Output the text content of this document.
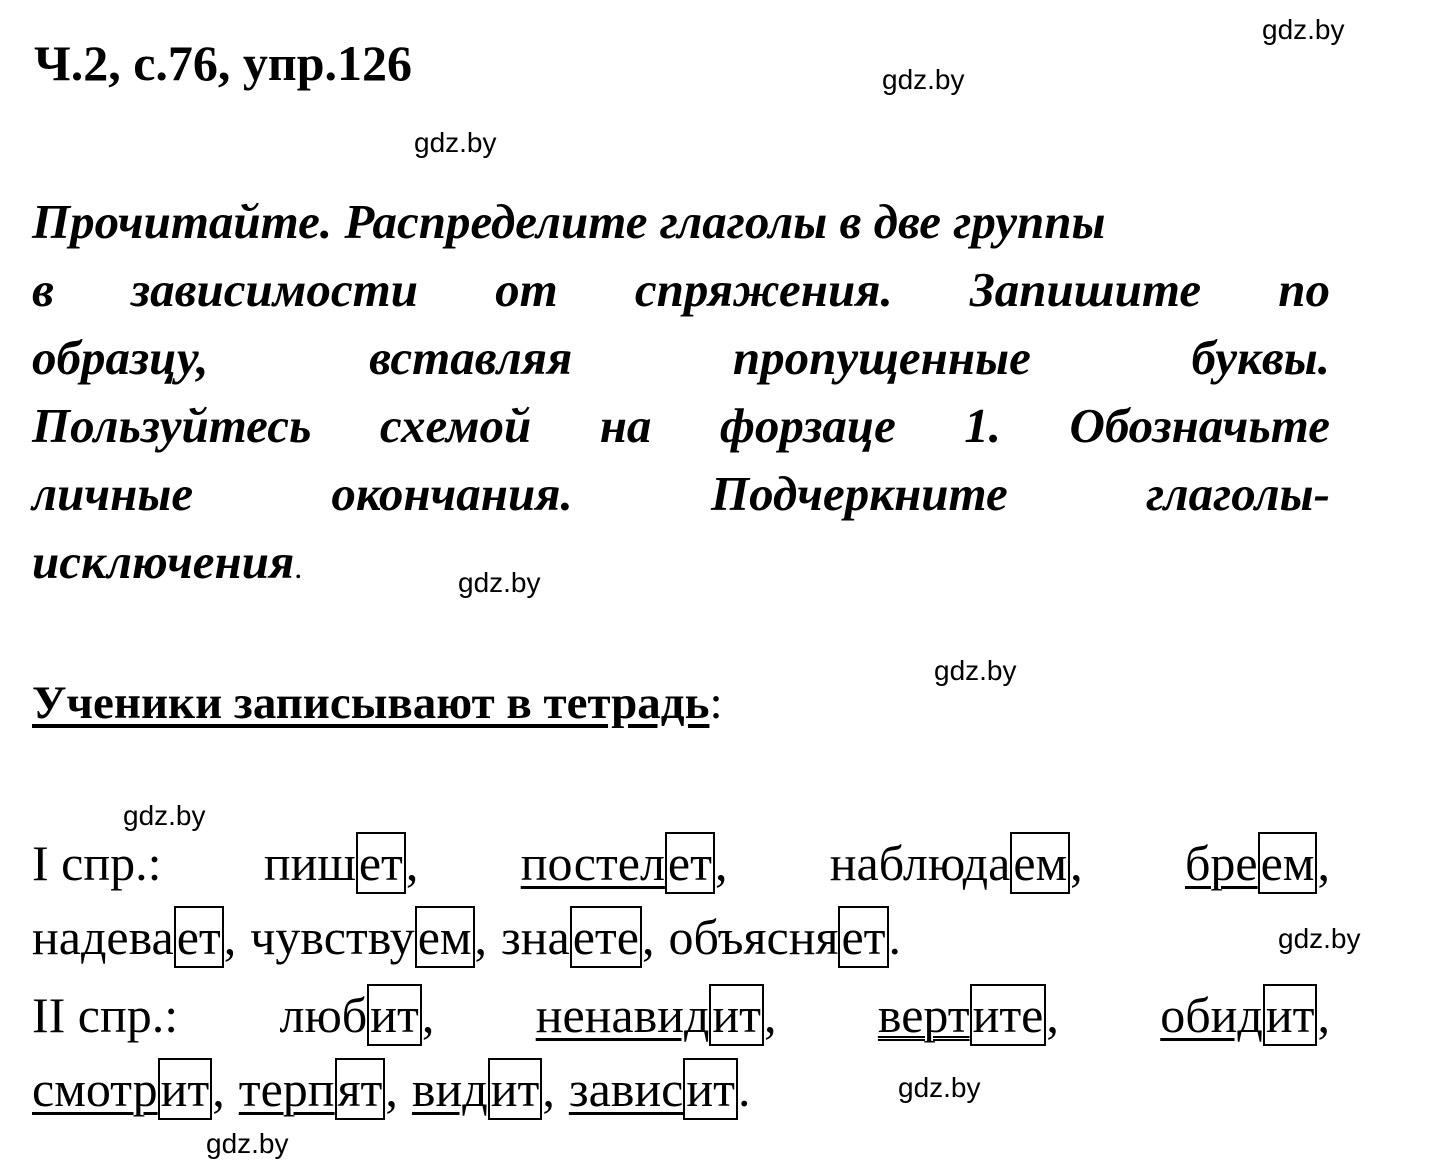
Ч.2, с.76, упр.126
gdz.by
gdz.by
gdz.by
gdz.by
gdz.by
gdz.by
gdz.by
gdz.by
gdz.by
Прочитайте. Распределите глаголы в две группы
в зависимости от спряжения. Запишите по
образцу, вставляя пропущенные буквы.
Пользуйтесь схемой на форзаце 1. Обозначьте
личные окончания. Подчеркните глаголы-
исключения.
Ученики записывают в тетрадь:
I спр.: пишет, постелет, наблюдаем, бреем,
надевает, чувствуем, знаете, объясняет.
II спр.: любит, ненавидит, вертите, обидит,
смотрит, терпят, видит, зависит.
